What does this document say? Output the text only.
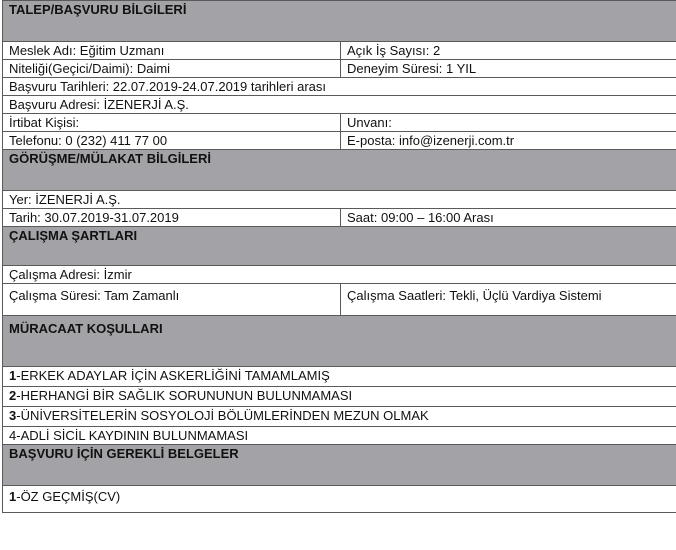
TALEP/BAŞVURU BİLGİLERİ	
Meslek Adı: Eğitim Uzmanı	Açık İş Sayısı: 2
Niteliği(Geçici/Daimi): Daimi	Deneyim Süresi: 1 YIL
Başvuru Tarihleri: 22.07.2019-24.07.2019 tarihleri arası	
Başvuru Adresi: İZENERJİ A.Ş.	
İrtibat Kişisi:	Unvanı:
Telefonu: 0 (232) 411 77 00	E-posta: info@izenerji.com.tr
GÖRÜŞME/MÜLAKAT BİLGİLERİ	
Yer: İZENERJİ A.Ş.	
Tarih: 30.07.2019-31.07.2019	Saat: 09:00 – 16:00 Arası
ÇALIŞMA ŞARTLARI	
Çalışma Adresi: İzmir	
Çalışma Süresi: Tam Zamanlı	Çalışma Saatleri: Tekli, Üçlü Vardiya Sistemi
MÜRACAAT KOŞULLARI	
1-ERKEK ADAYLAR İÇİN ASKERLİĞİNİ TAMAMLAMIŞ	
2-HERHANGİ BİR SAĞLIK SORUNUNUN BULUNMAMASI	
3-ÜNİVERSİTELERİN SOSYOLOJİ BÖLÜMLERİNDEN MEZUN OLMAK	
4-ADLİ SİCİL KAYDININ BULUNMAMASI	
BAŞVURU İÇİN GEREKLİ BELGELER	
1-ÖZ GEÇMİŞ(CV)	
